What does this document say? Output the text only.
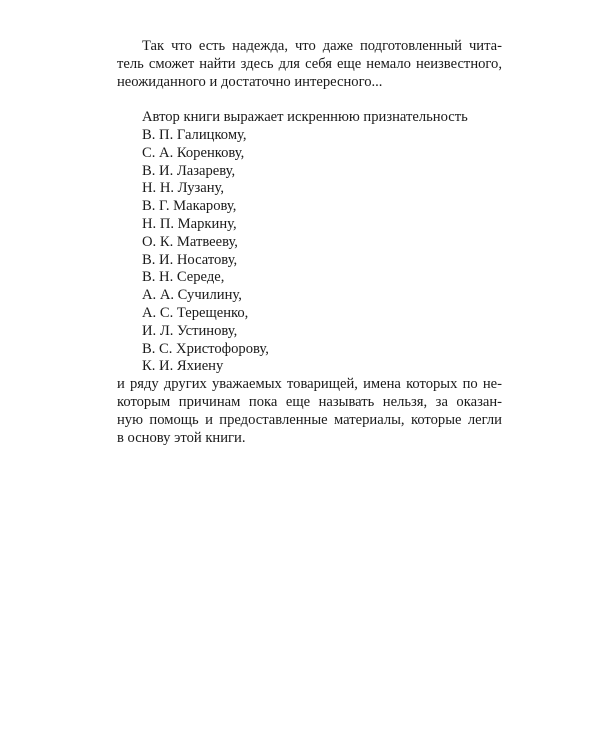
Так что есть надежда, что даже подготовленный чита-
тель сможет найти здесь для себя еще немало неизвестного,
неожиданного и достаточно интересного...
Автор книги выражает искреннюю признательность
В. П. Галицкому,
С. А. Коренкову,
В. И. Лазареву,
Н. Н. Лузану,
В. Г. Макарову,
Н. П. Маркину,
О. К. Матвееву,
В. И. Носатову,
В. Н. Середе,
А. А. Сучилину,
А. С. Терещенко,
И. Л. Устинову,
В. С. Христофорову,
К. И. Яхиену
и ряду других уважаемых товарищей, имена которых по не-
которым причинам пока еще называть нельзя, за оказан-
ную помощь и предоставленные материалы, которые легли
в основу этой книги.
